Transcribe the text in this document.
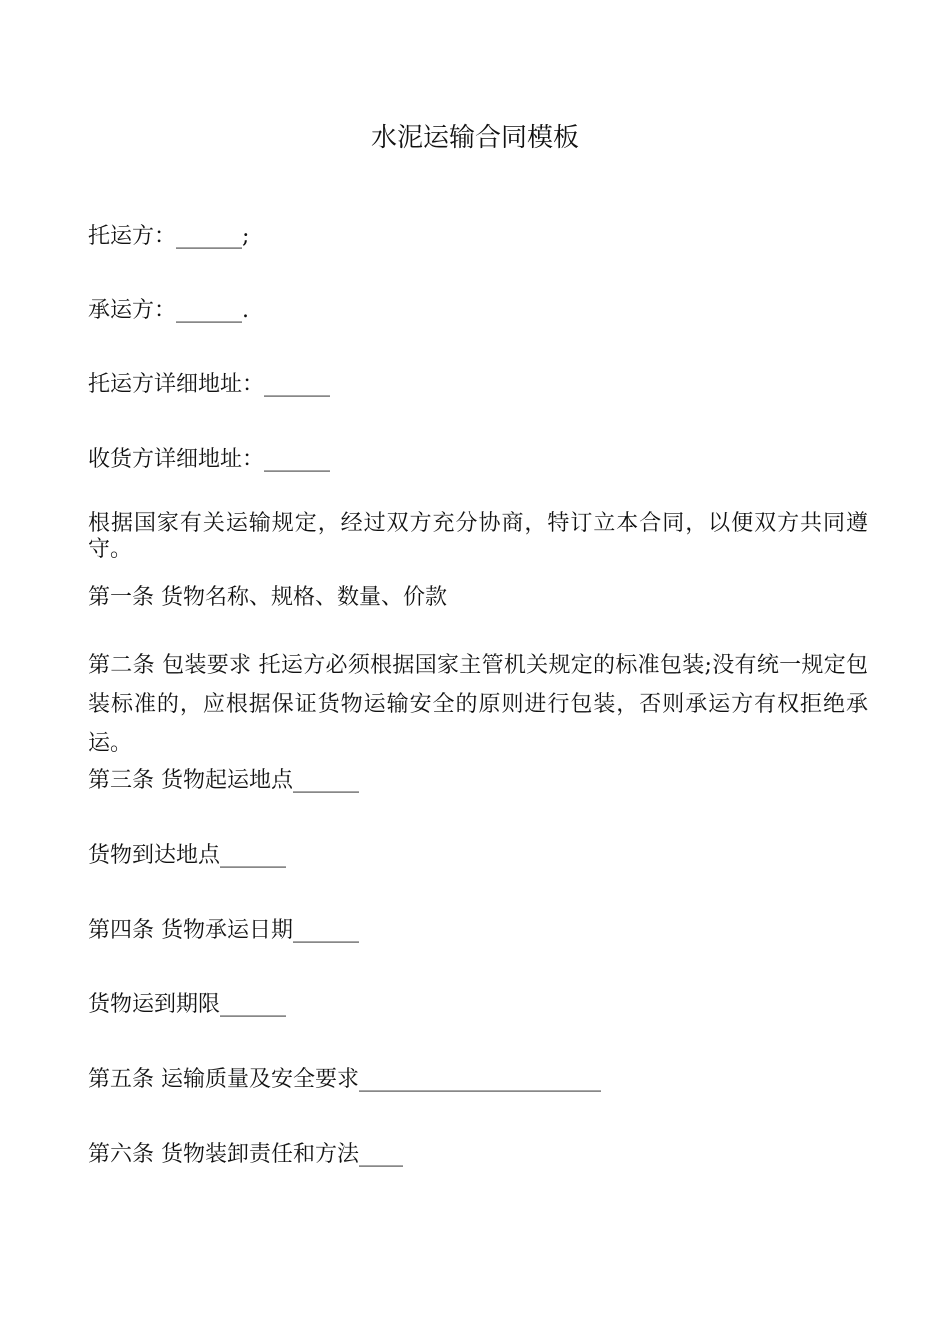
水泥运输合同模板
托运方：______;
承运方：______.
托运方详细地址：______
收货方详细地址：______
根据国家有关运输规定，经过双方充分协商，特订立本合同，以便双方共同遵守。
第一条 货物名称、规格、数量、价款
第二条 包装要求 托运方必须根据国家主管机关规定的标准包装;没有统一规定包装标准的，应根据保证货物运输安全的原则进行包装，否则承运方有权拒绝承运。
第三条 货物起运地点______
货物到达地点______
第四条 货物承运日期______
货物运到期限______
第五条 运输质量及安全要求______________________
第六条 货物装卸责任和方法____
